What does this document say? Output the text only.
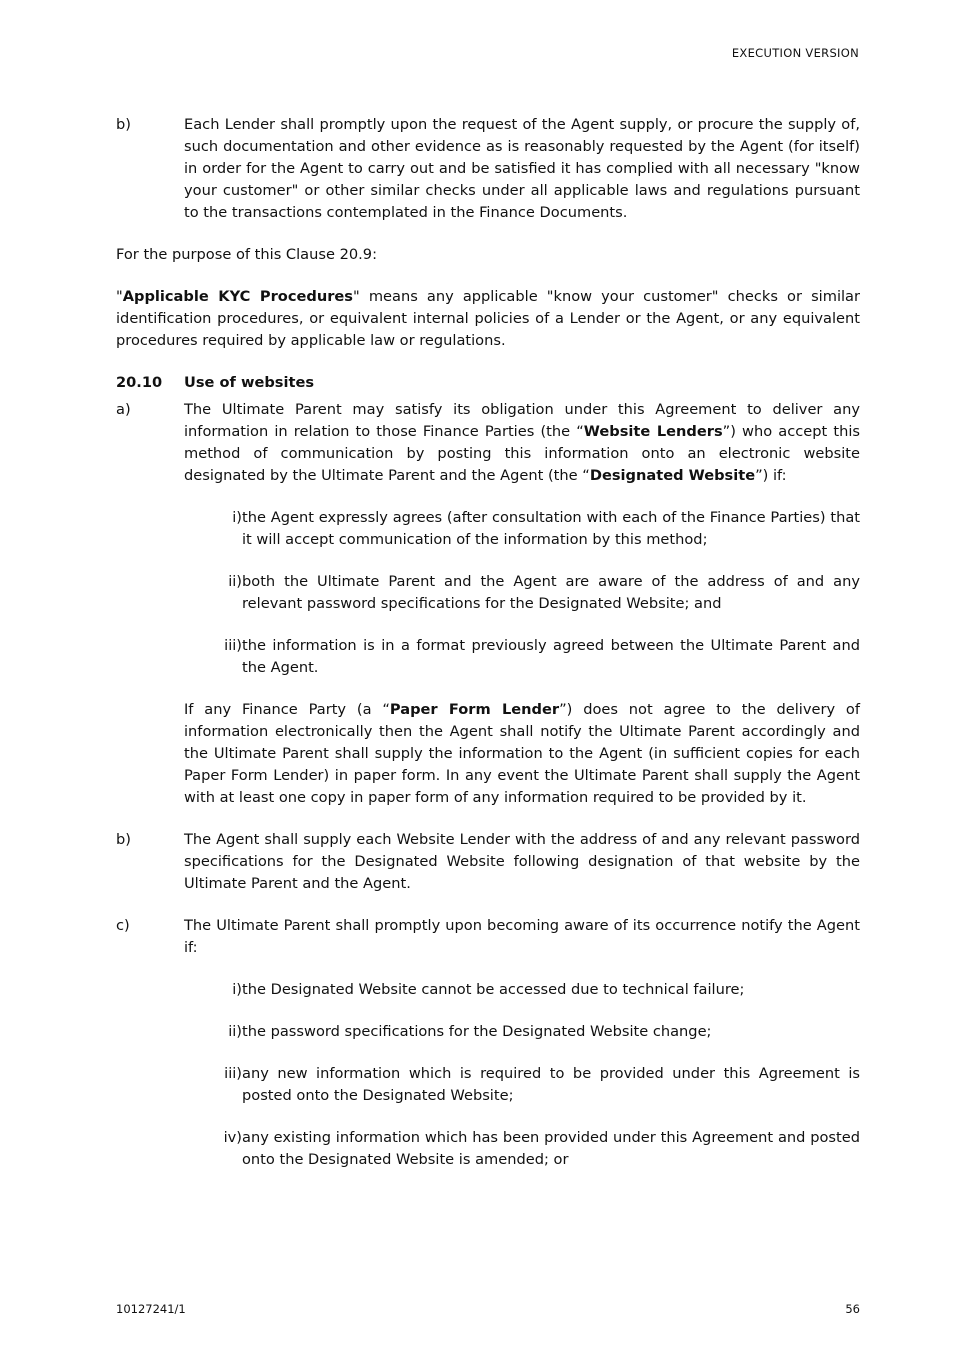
EXECUTION VERSION
b)	Each Lender shall promptly upon the request of the Agent supply, or procure the supply of, such documentation and other evidence as is reasonably requested by the Agent (for itself) in order for the Agent to carry out and be satisfied it has complied with all necessary "know your customer" or other similar checks under all applicable laws and regulations pursuant to the transactions contemplated in the Finance Documents.
For the purpose of this Clause 20.9:
"Applicable KYC Procedures" means any applicable "know your customer" checks or similar identification procedures, or equivalent internal policies of a Lender or the Agent, or any equivalent procedures required by applicable law or regulations.
20.10	Use of websites
a)	The Ultimate Parent may satisfy its obligation under this Agreement to deliver any information in relation to those Finance Parties (the “Website Lenders”) who accept this method of communication by posting this information onto an electronic website designated by the Ultimate Parent and the Agent (the “Designated Website”) if:
i) the Agent expressly agrees (after consultation with each of the Finance Parties) that it will accept communication of the information by this method;
ii) both the Ultimate Parent and the Agent are aware of the address of and any relevant password specifications for the Designated Website; and
iii) the information is in a format previously agreed between the Ultimate Parent and the Agent.
If any Finance Party (a “Paper Form Lender”) does not agree to the delivery of information electronically then the Agent shall notify the Ultimate Parent accordingly and the Ultimate Parent shall supply the information to the Agent (in sufficient copies for each Paper Form Lender) in paper form. In any event the Ultimate Parent shall supply the Agent with at least one copy in paper form of any information required to be provided by it.
b)	The Agent shall supply each Website Lender with the address of and any relevant password specifications for the Designated Website following designation of that website by the Ultimate Parent and the Agent.
c)	The Ultimate Parent shall promptly upon becoming aware of its occurrence notify the Agent if:
i) the Designated Website cannot be accessed due to technical failure;
ii) the password specifications for the Designated Website change;
iii) any new information which is required to be provided under this Agreement is posted onto the Designated Website;
iv) any existing information which has been provided under this Agreement and posted onto the Designated Website is amended; or
10127241/1	56
